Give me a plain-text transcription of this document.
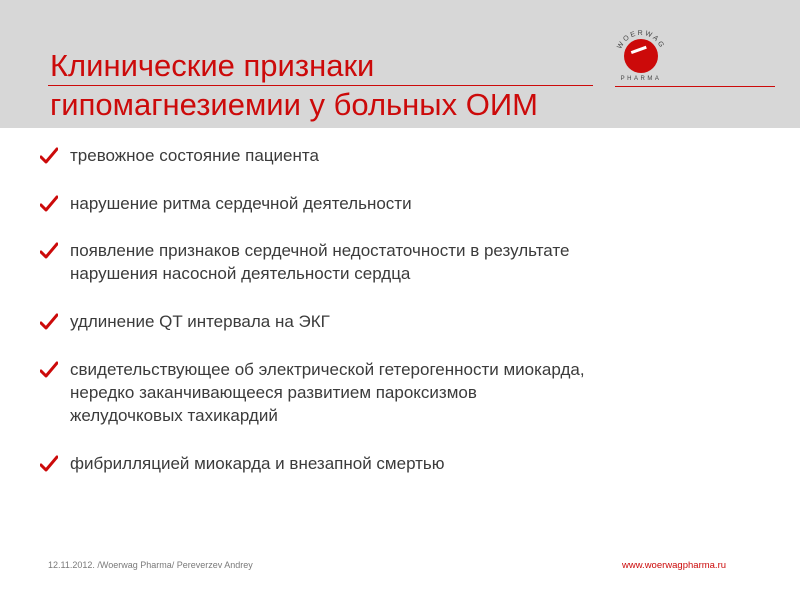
Клинические признаки
гипомагнезиемии у больных ОИМ
WOERWAG
PHARMA
тревожное состояние пациента
нарушение ритма сердечной деятельности
появление признаков сердечной недостаточности в результате
нарушения насосной деятельности сердца
удлинение QT интервала на ЭКГ
свидетельствующее об электрической гетерогенности миокарда,
нередко заканчивающееся развитием пароксизмов
желудочковых тахикардий
фибрилляцией миокарда и внезапной смертью
12.11.2012. /Woerwag Pharma/ Pereverzev Andrey	www.woerwagpharma.ru
